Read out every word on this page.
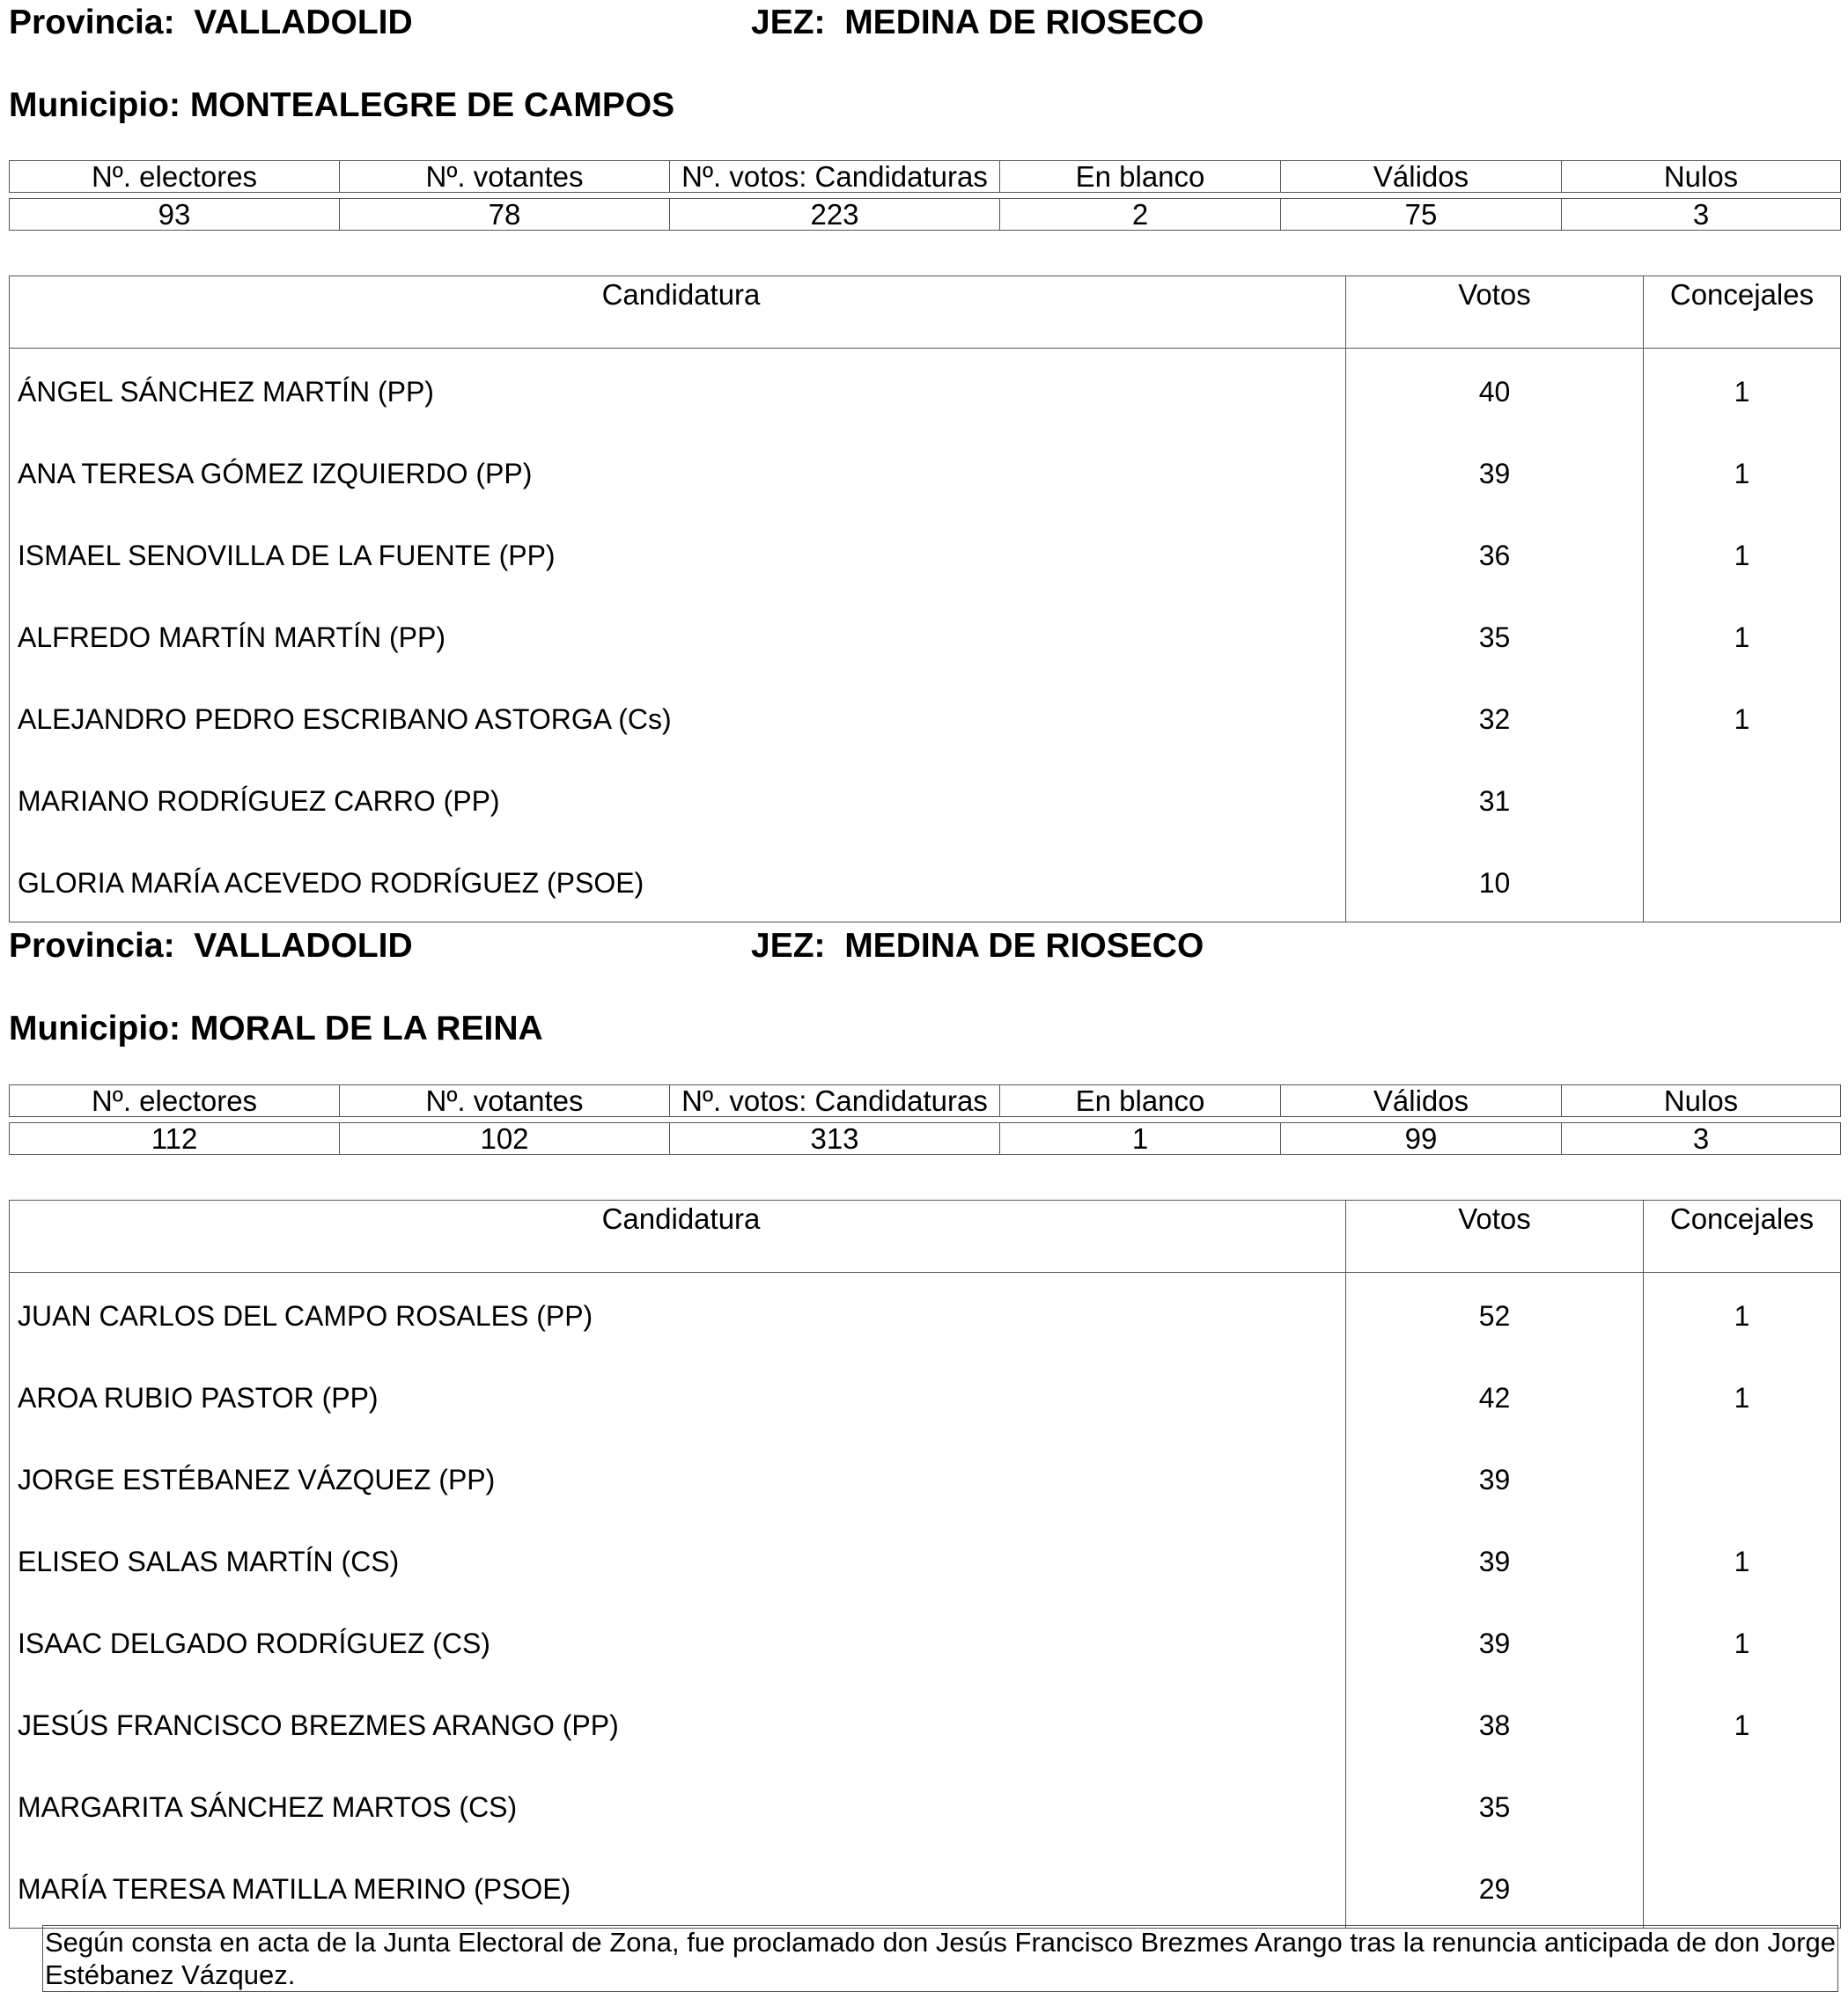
Provincia: VALLADOLID	JEZ: MEDINA DE RIOSECO
Municipio: MONTEALEGRE DE CAMPOS
Nº. electores	Nº. votantes	Nº. votos: Candidaturas	En blanco	Válidos	Nulos

93	78	223	2	75	3
Candidatura	Votos	Concejales
ÁNGEL SÁNCHEZ MARTÍN (PP)	40	1
ANA TERESA GÓMEZ IZQUIERDO (PP)	39	1
ISMAEL SENOVILLA DE LA FUENTE (PP)	36	1
ALFREDO MARTÍN MARTÍN (PP)	35	1
ALEJANDRO PEDRO ESCRIBANO ASTORGA (Cs)	32	1
MARIANO RODRÍGUEZ CARRO (PP)	31	
GLORIA MARÍA ACEVEDO RODRÍGUEZ (PSOE)	10	
Provincia: VALLADOLID	JEZ: MEDINA DE RIOSECO
Municipio: MORAL DE LA REINA
Nº. electores	Nº. votantes	Nº. votos: Candidaturas	En blanco	Válidos	Nulos

112	102	313	1	99	3
Candidatura	Votos	Concejales
JUAN CARLOS DEL CAMPO ROSALES (PP)	52	1
AROA RUBIO PASTOR (PP)	42	1
JORGE ESTÉBANEZ VÁZQUEZ (PP)	39	
ELISEO SALAS MARTÍN (CS)	39	1
ISAAC DELGADO RODRÍGUEZ (CS)	39	1
JESÚS FRANCISCO BREZMES ARANGO (PP)	38	1
MARGARITA SÁNCHEZ MARTOS (CS)	35	
MARÍA TERESA MATILLA MERINO (PSOE)	29	
Según consta en acta de la Junta Electoral de Zona, fue proclamado don Jesús Francisco Brezmes Arango tras la renuncia anticipada de don Jorge Estébanez Vázquez.
